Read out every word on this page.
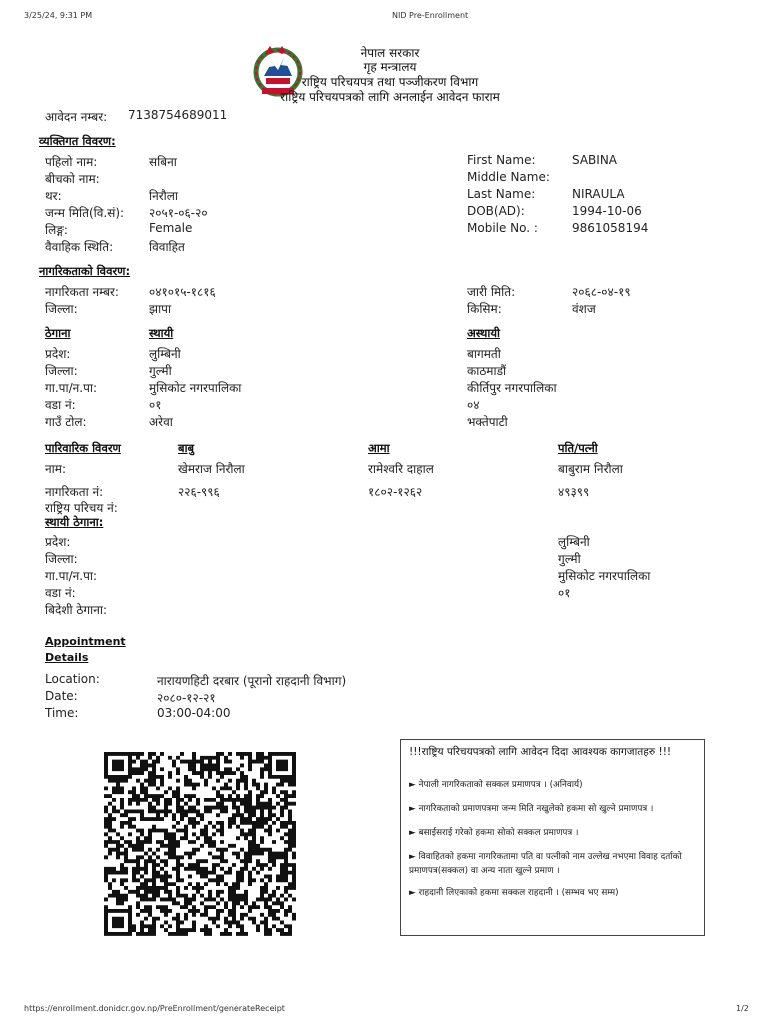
3/25/24, 9:31 PM	NID Pre-Enrollment
नेपाल सरकार
गृह मन्त्रालय
राष्ट्रिय परिचयपत्र तथा पञ्जीकरण विभाग
राष्ट्रिय परिचयपत्रको लागि अनलाईन आवेदन फाराम
आवेदन नम्बर: 7138754689011
व्यक्तिगत विवरण:
पहिलो नाम:	सबिना
बीचको नाम:
थर:	निरौला
जन्म मिति(वि.सं): २०५१-०६-२०
लिङ्ग:	Female
वैवाहिक स्थिति:	विवाहित
First Name:	SABINA
Middle Name:
Last Name:	NIRAULA
DOB(AD):	1994-10-06
Mobile No. :	9861058194
नागरिकताको विवरण:
नागरिकता नम्बर:	०४१०१५-१८१६
जिल्ला:	झापा
जारी मिति:	२०६८-०४-१९
किसिम:	वंशज
ठेगाना	स्थायी	अस्थायी
प्रदेश:	लुम्बिनी	बागमती
जिल्ला:	गुल्मी	काठमाडौं
गा.पा/न.पा:	मुसिकोट नगरपालिका	कीर्तिपुर नगरपालिका
वडा नं:	०१	०४
गाउँ टोल:	अरेवा	भक्तेपाटी
पारिवारिक विवरण	बाबु	आमा	पति/पत्नी
नाम:	खेमराज निरौला	रामेश्वरि दाहाल	बाबुराम निरौला
नागरिकता नं:	२२६-९९६	१८०२-१२६२	४९३९९
राष्ट्रिय परिचय नं:
स्थायी ठेगाना:
प्रदेश:	लुम्बिनी
जिल्ला:	गुल्मी
गा.पा/न.पा:	मुसिकोट नगरपालिका
वडा नं:	०१
बिदेशी ठेगाना:
Appointment
Details
Location:	नारायणहिटी दरबार (पूरानो राहदानी विभाग)
Date:	२०८०-१२-२१
Time:	03:00-04:00
!!!राष्ट्रिय परिचयपत्रको लागि आवेदन दिदा आवश्यक कागजातहरु !!!
► नेपाली नागरिकताको सक्कल प्रमाणपत्र । (अनिवार्य)
► नागरिकताको प्रमाणपत्रमा जन्म मिति नखुलेको हकमा सो खुल्ने प्रमाणपत्र ।
► बसाईसराई गरेको हकमा सोको सक्कल प्रमाणपत्र ।
► विवाहितको हकमा नागरिकतामा पति वा पत्नीको नाम उल्लेख नभएमा विवाह दर्ताको प्रमाणपत्र(सक्कल) वा अन्य नाता खुल्ने प्रमाण ।
► राहदानी लिएकाको हकमा सक्कल राहदानी । (सम्भव भए सम्म)
https://enrollment.donidcr.gov.np/PreEnrollment/generateReceipt	1/2
